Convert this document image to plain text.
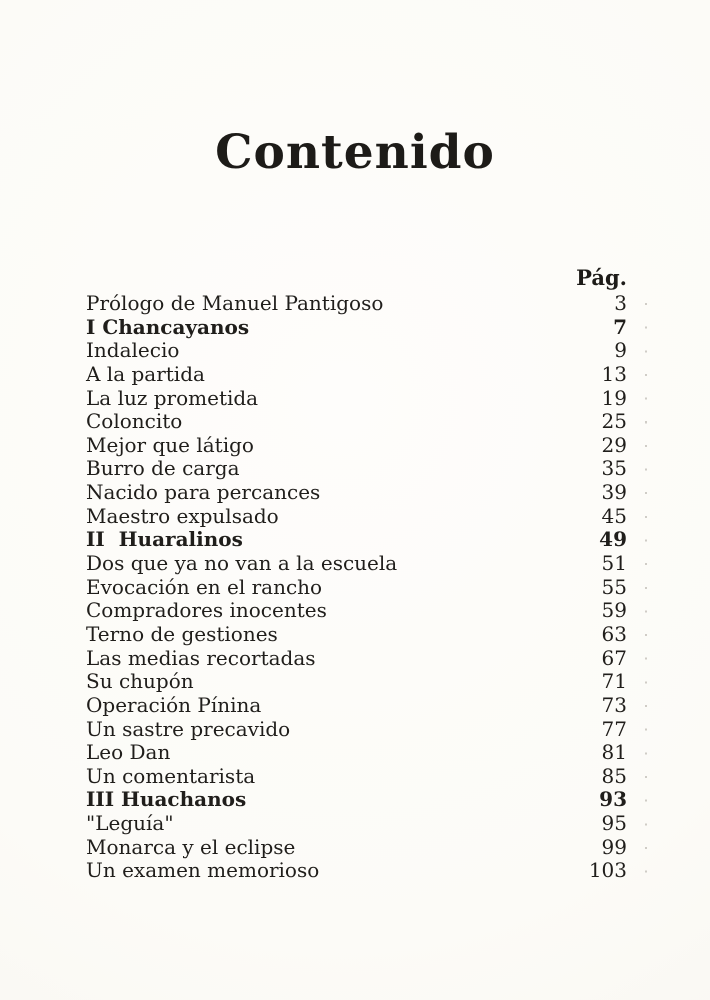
Contenido
Pág.
Prólogo de Manuel Pantigoso	3
I Chancayanos	7
Indalecio	9
A la partida	13
La luz prometida	19
Coloncito	25
Mejor que látigo	29
Burro de carga	35
Nacido para percances	39
Maestro expulsado	45
II  Huaralinos	49
Dos que ya no van a la escuela	51
Evocación en el rancho	55
Compradores inocentes	59
Terno de gestiones	63
Las medias recortadas	67
Su chupón	71
Operación Pínina	73
Un sastre precavido	77
Leo Dan	81
Un comentarista	85
III Huachanos	93
"Leguía"	95
Monarca y el eclipse	99
Un examen memorioso	103
